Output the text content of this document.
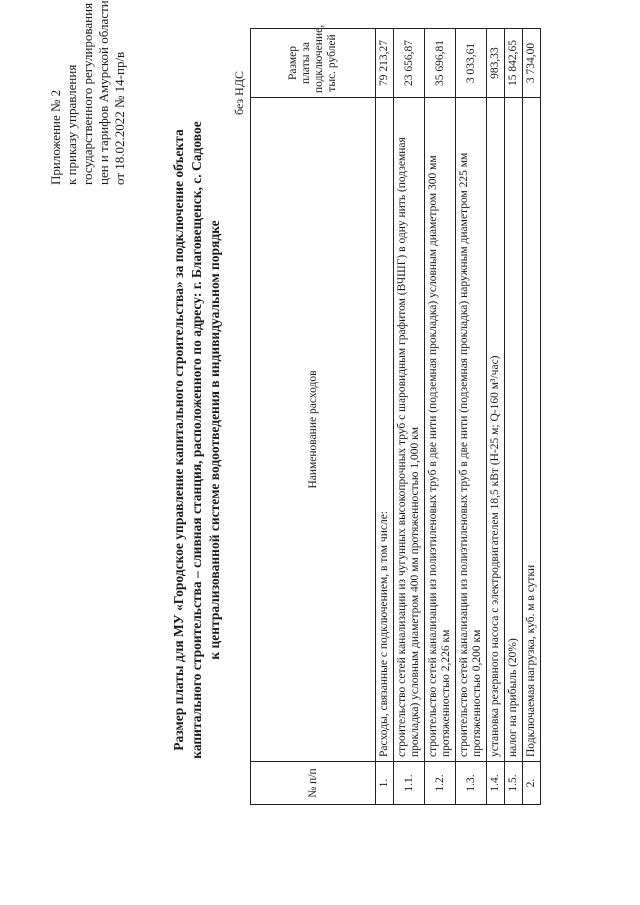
Приложение № 2 к приказу управления государственного регулирования цен и тарифов Амурской области от 18.02.2022 № 14-пр/в
Размер платы для МУ «Городское управление капитального строительства» за подключение объекта капитального строительства – сливная станция, расположенного по адресу: г. Благовещенск, с. Садовое к централизованной системе водоотведения в индивидуальном порядке
без НДС
№ п/п	Наименование расходов	Размер платы за подключение, тыс. рублей
1.	Расходы, связанные с подключением, в том числе:	79 213,27
1.1.	строительство сетей канализации из чугунных высокопрочных труб с шаровидным графитом (ВЧШГ) в одну нить (подземная прокладка) условным диаметром 400 мм протяженностью 1,000 км	23 656,87
1.2.	строительство сетей канализации из полиэтиленовых труб в две нити (подземная прокладка) условным диаметром 300 мм протяженностью 2,226 км	35 696,81
1.3.	строительство сетей канализации из полиэтиленовых труб в две нити (подземная прокладка) наружным диаметром 225 мм протяженностью 0,200 км	3 033,61
1.4.	установка резервного насоса с электродвигателем 18,5 кВт (Н-25 м; Q-160 м³/час)	983,33
1.5.	налог на прибыль (20%)	15 842,65
2.	Подключаемая нагрузка, куб. м в сутки	3 734,00
